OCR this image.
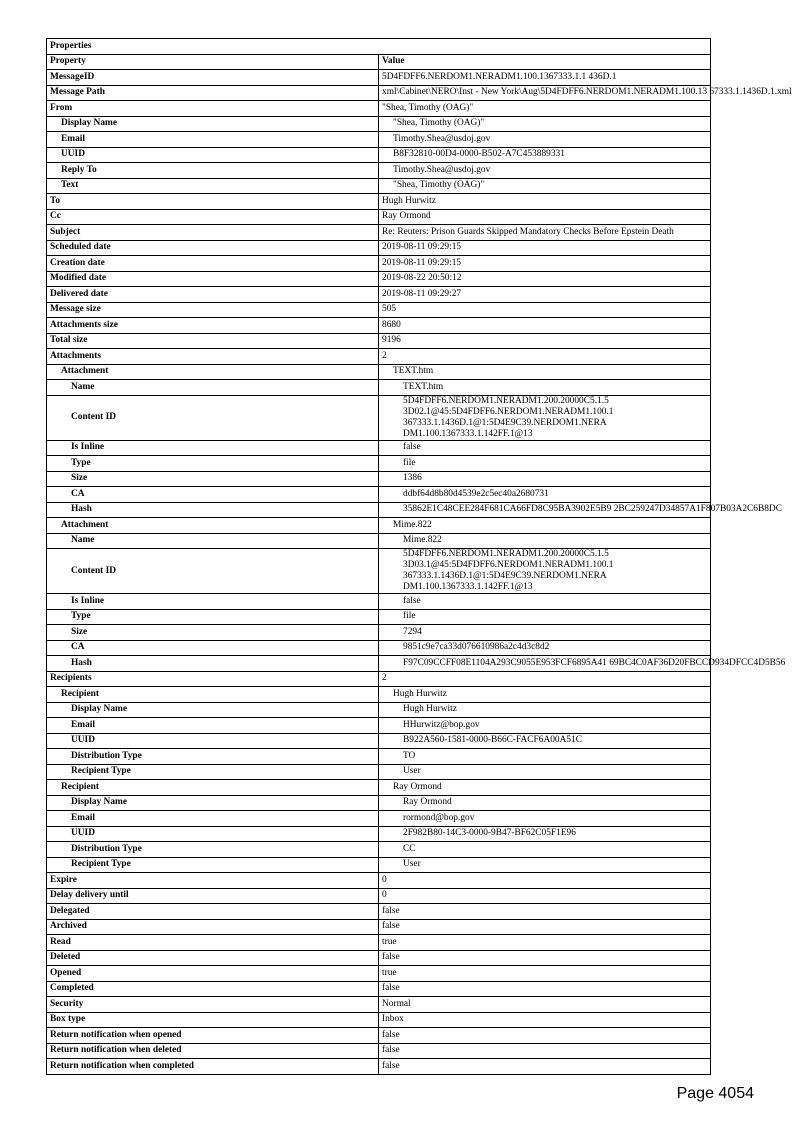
Properties	
Property	Value
MessageID	5D4FDFF6.NERDOM1.NERADM1.100.1367333.1.1 436D.1
Message Path	xml\Cabinet\NERO\Inst - New York\Aug\5D4FDFF6.NERDOM1.NERADM1.100.13 67333.1.1436D.1.xml
From	"Shea, Timothy (OAG)"
Display Name	"Shea, Timothy (OAG)"
Email	Timothy.Shea@usdoj.gov
UUID	B8F32810-00D4-0000-B502-A7C453889331
Reply To	Timothy.Shea@usdoj.gov
Text	"Shea, Timothy (OAG)"
To	Hugh Hurwitz
Cc	Ray Ormond
Subject	Re: Reuters: Prison Guards Skipped Mandatory Checks Before Epstein Death
Scheduled date	2019-08-11 09:29:15
Creation date	2019-08-11 09:29:15
Modified date	2019-08-22 20:50:12
Delivered date	2019-08-11 09:29:27
Message size	505
Attachments size	8680
Total size	9196
Attachments	2
Attachment	TEXT.htm
Name	TEXT.htm
Content ID	5D4FDFF6.NERDOM1.NERADM1.200.20000C5.1.5
3D02.1@45:5D4FDFF6.NERDOM1.NERADM1.100.1
367333.1.1436D.1@1:5D4E9C39.NERDOM1.NERA DM1.100.1367333.1.142FF.1@13
Is Inline	false
Type	file
Size	1386
CA	ddbf64d8b80d4539e2c5ec40a2680731
Hash	35862E1C48CEE284F681CA66FD8C95BA3902E5B9 2BC259247D34857A1F807B03A2C6B8DC
Attachment	Mime.822
Name	Mime.822
Content ID	5D4FDFF6.NERDOM1.NERADM1.200.20000C5.1.5
3D03.1@45:5D4FDFF6.NERDOM1.NERADM1.100.1
367333.1.1436D.1@1:5D4E9C39.NERDOM1.NERA DM1.100.1367333.1.142FF.1@13
Is Inline	false
Type	file
Size	7294
CA	9851c9e7ca33d076610986a2c4d3c8d2
Hash	F97C09CCFF08E1104A293C9055E953FCF6895A41 69BC4C0AF36D20FBCCD934DFCC4D5B56
Recipients	2
Recipient	Hugh Hurwitz
Display Name	Hugh Hurwitz
Email	HHurwitz@bop.gov
UUID	B922A560-1581-0000-B66C-FACF6A00A51C
Distribution Type	TO
Recipient Type	User
Recipient	Ray Ormond
Display Name	Ray Ormond
Email	rormond@bop.gov
UUID	2F982B80-14C3-0000-9B47-BF62C05F1E96
Distribution Type	CC
Recipient Type	User
Expire	0
Delay delivery until	0
Delegated	false
Archived	false
Read	true
Deleted	false
Opened	true
Completed	false
Security	Normal
Box type	Inbox
Return notification when opened	false
Return notification when deleted	false
Return notification when completed	false
Page 4054
